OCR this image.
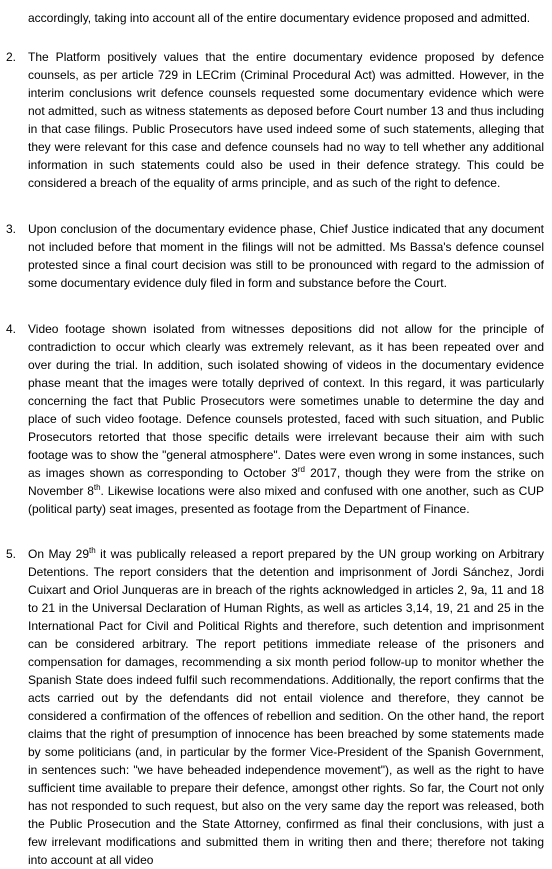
accordingly, taking into account all of the entire documentary evidence proposed and admitted.

2. The Platform positively values that the entire documentary evidence proposed by defence counsels, as per article 729 in LECrim (Criminal Procedural Act) was admitted. However, in the interim conclusions writ defence counsels requested some documentary evidence which were not admitted, such as witness statements as deposed before Court number 13 and thus including in that case filings. Public Prosecutors have used indeed some of such statements, alleging that they were relevant for this case and defence counsels had no way to tell whether any additional information in such statements could also be used in their defence strategy. This could be considered a breach of the equality of arms principle, and as such of the right to defence.

3. Upon conclusion of the documentary evidence phase, Chief Justice indicated that any document not included before that moment in the filings will not be admitted. Ms Bassa's defence counsel protested since a final court decision was still to be pronounced with regard to the admission of some documentary evidence duly filed in form and substance before the Court.

4. Video footage shown isolated from witnesses depositions did not allow for the principle of contradiction to occur which clearly was extremely relevant, as it has been repeated over and over during the trial. In addition, such isolated showing of videos in the documentary evidence phase meant that the images were totally deprived of context. In this regard, it was particularly concerning the fact that Public Prosecutors were sometimes unable to determine the day and place of such video footage. Defence counsels protested, faced with such situation, and Public Prosecutors retorted that those specific details were irrelevant because their aim with such footage was to show the "general atmosphere". Dates were even wrong in some instances, such as images shown as corresponding to October 3rd 2017, though they were from the strike on November 8th. Likewise locations were also mixed and confused with one another, such as CUP (political party) seat images, presented as footage from the Department of Finance.

5. On May 29th it was publically released a report prepared by the UN group working on Arbitrary Detentions. The report considers that the detention and imprisonment of Jordi Sánchez, Jordi Cuixart and Oriol Junqueras are in breach of the rights acknowledged in articles 2, 9a, 11 and 18 to 21 in the Universal Declaration of Human Rights, as well as articles 3,14, 19, 21 and 25 in the International Pact for Civil and Political Rights and therefore, such detention and imprisonment can be considered arbitrary. The report petitions immediate release of the prisoners and compensation for damages, recommending a six month period follow-up to monitor whether the Spanish State does indeed fulfil such recommendations. Additionally, the report confirms that the acts carried out by the defendants did not entail violence and therefore, they cannot be considered a confirmation of the offences of rebellion and sedition. On the other hand, the report claims that the right of presumption of innocence has been breached by some statements made by some politicians (and, in particular by the former Vice-President of the Spanish Government, in sentences such: "we have beheaded independence movement"), as well as the right to have sufficient time available to prepare their defence, amongst other rights. So far, the Court not only has not responded to such request, but also on the very same day the report was released, both the Public Prosecution and the State Attorney, confirmed as final their conclusions, with just a few irrelevant modifications and submitted them in writing then and there; therefore not taking into account at all video
